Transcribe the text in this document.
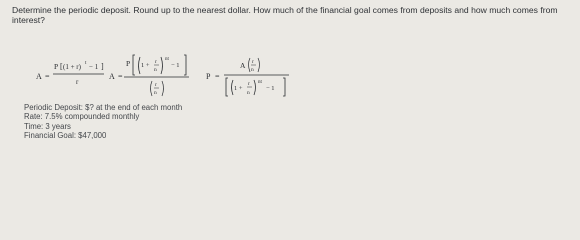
Determine the periodic deposit. Round up to the nearest dollar. How much of the financial goal comes from deposits and how much comes from interest?
A =
P [ (1 + r) t − 1 ]
r
A =
P 1 + r
n
nt
− 1
r
n
P =
A r
n
1 +
r
n
nt
− 1
Periodic Deposit: $? at the end of each month
Rate: 7.5% compounded monthly
Time: 3 years
Financial Goal: $47,000
